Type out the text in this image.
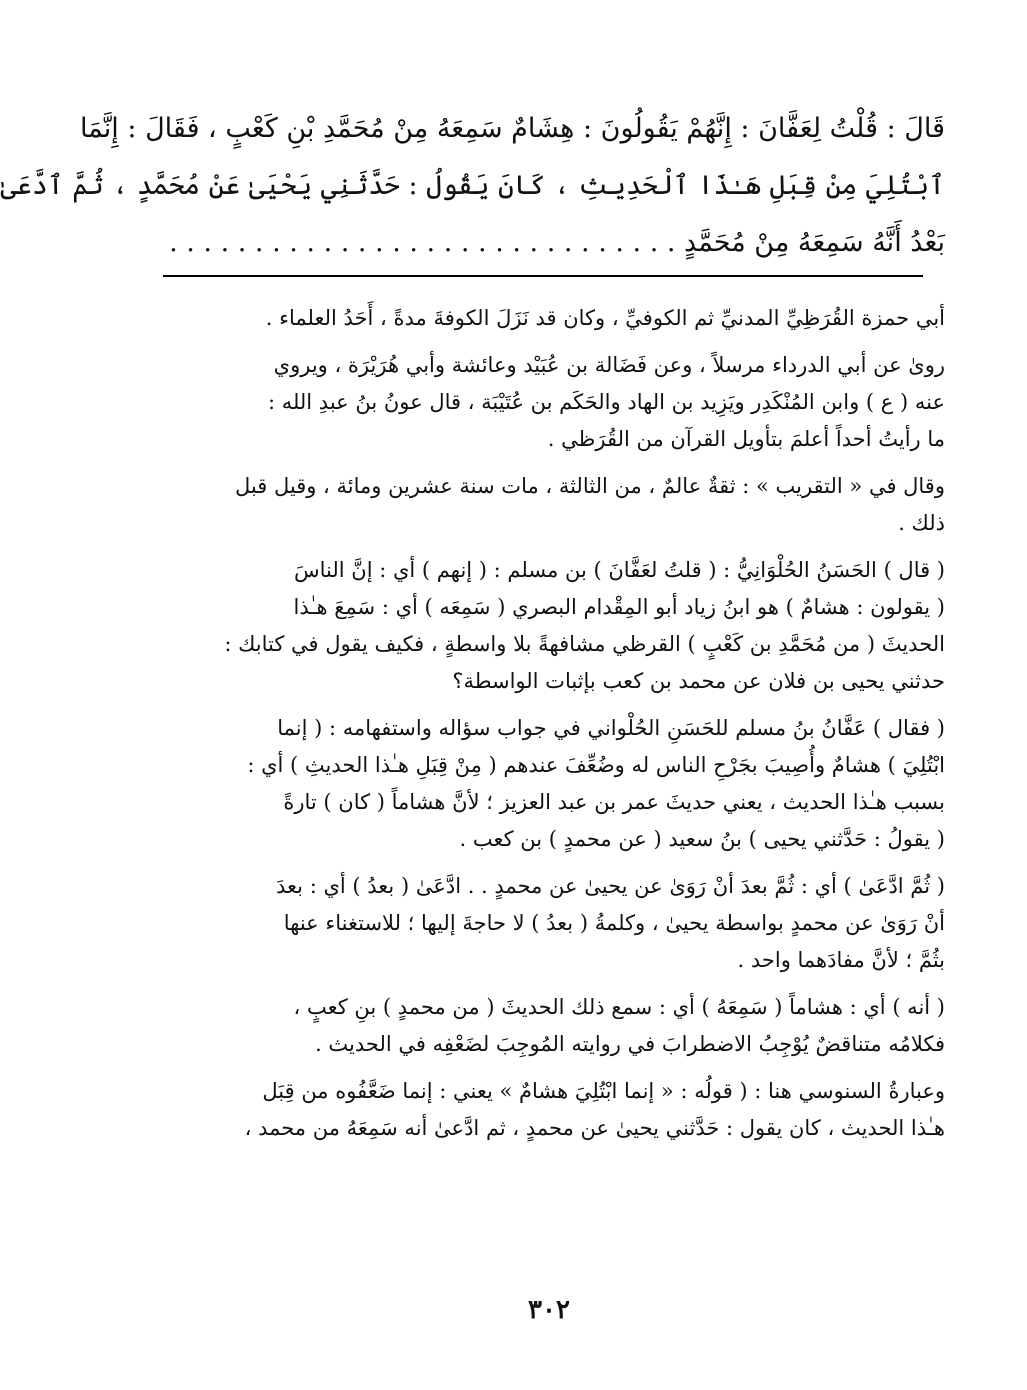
قَالَ : قُلْتُ لِعَفَّانَ : إِنَّهُمْ يَقُولُونَ : هِشَامٌ سَمِعَهُ مِنْ مُحَمَّدِ بْنِ كَعْبٍ ، فَقَالَ : إِنَّمَا
ٱبْتُلِيَ مِنْ قِبَلِ هَـٰذَا ٱلْحَدِيثِ ، كَانَ يَقُولُ : حَدَّثَنِي يَحْيَىٰ عَنْ مُحَمَّدٍ ، ثُمَّ ٱدَّعَىٰ
بَعْدُ أَنَّهُ سَمِعَهُ مِنْ مُحَمَّدٍ . . . . . . . . . . . . . . . . . . . . . . . . . . . . . .
أبي حمزة القُرَظِيِّ المدنيِّ ثم الكوفيِّ ، وكان قد نَزَلَ الكوفةَ مدةً ، أَحَدُ العلماء .
روىٰ عن أبي الدرداء مرسلاً ، وعن فَضَالة بن عُبَيْد وعائشة وأبي هُرَيْرَة ، ويروي
عنه ( ع ) وابن المُنْكَدِر ويَزِيد بن الهاد والحَكَم بن عُتَيْبَة ، قال عونُ بنُ عبدِ الله :
ما رأيتُ أحداً أعلمَ بتأويل القرآن من القُرَظي .
وقال في « التقريب » : ثقةٌ عالمٌ ، من الثالثة ، مات سنة عشرين ومائة ، وقيل قبل
ذلك .
( قال ) الحَسَنُ الحُلْوَانِيُّ : ( قلتُ لعَفَّانَ ) بن مسلم : ( إنهم ) أي : إنَّ الناسَ
( يقولون : هشامٌ ) هو ابنُ زياد أبو المِقْدام البصري ( سَمِعَه ) أي : سَمِعَ هـٰذا
الحديثَ ( من مُحَمَّدِ بن كَعْبٍ ) القرظي مشافهةً بلا واسطةٍ ، فكيف يقول في كتابك :
حدثني يحيى بن فلان عن محمد بن كعب بإثبات الواسطة؟
( فقال ) عَفَّانُ بنُ مسلم للحَسَنِ الحُلْواني في جواب سؤاله واستفهامه : ( إنما
ابْتُلِيَ ) هشامٌ وأُصِيبَ بجَرْحِ الناس له وضُعِّفَ عندهم ( مِنْ قِبَلِ هـٰذا الحديثِ ) أي :
بسبب هـٰذا الحديث ، يعني حديثَ عمر بن عبد العزيز ؛ لأنَّ هشاماً ( كان ) تارةً
( يقولُ : حَدَّثني يحيى ) بنُ سعيد ( عن محمدٍ ) بن كعب .
( ثُمَّ ادَّعَىٰ ) أي : ثُمَّ بعدَ أنْ رَوَىٰ عن يحيىٰ عن محمدٍ . . ادَّعَىٰ ( بعدُ ) أي : بعدَ
أنْ رَوَىٰ عن محمدٍ بواسطة يحيىٰ ، وكلمةُ ( بعدُ ) لا حاجةَ إليها ؛ للاستغناء عنها
بثُمَّ ؛ لأنَّ مفادَهما واحد .
( أنه ) أي : هشاماً ( سَمِعَهُ ) أي : سمع ذلك الحديثَ ( من محمدٍ ) بنِ كعبٍ ،
فكلامُه متناقضٌ يُوْجِبُ الاضطرابَ في روايته المُوجِبَ لضَعْفِه في الحديث .
وعبارةُ السنوسي هنا : ( قولُه : « إنما ابْتُلِيَ هشامٌ » يعني : إنما ضَعَّفُوه من قِبَل
هـٰذا الحديث ، كان يقول : حَدَّثني يحيىٰ عن محمدٍ ، ثم ادَّعىٰ أنه سَمِعَهُ من محمد ،
٣٠٢
